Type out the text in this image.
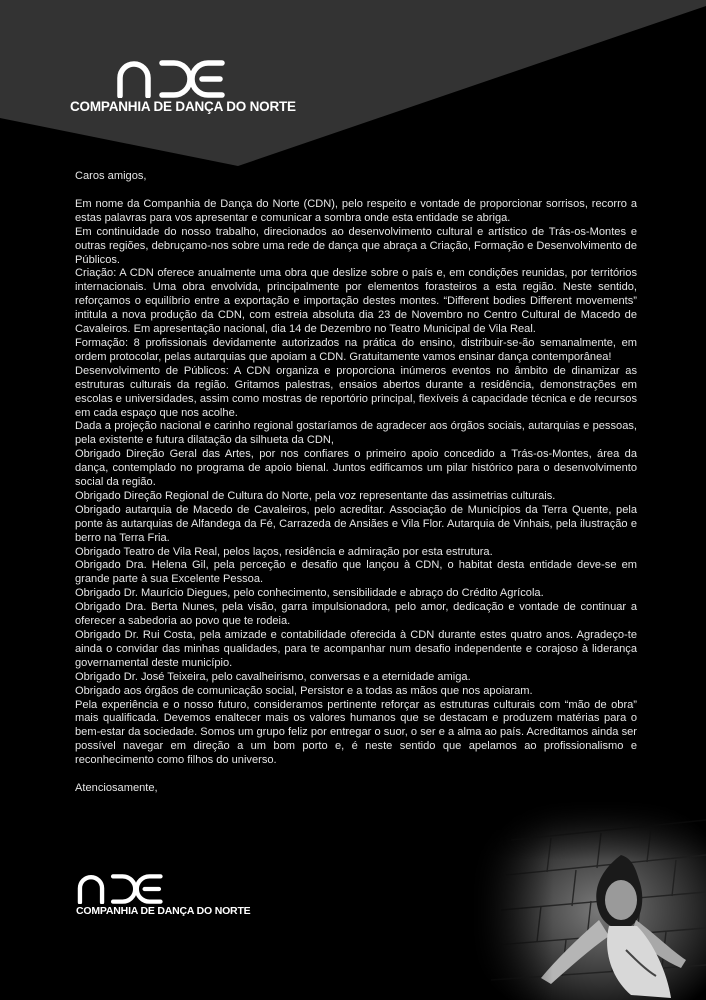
COMPANHIA DE DANÇA DO NORTE

Caros amigos,

Em nome da Companhia de Dança do Norte (CDN), pelo respeito e vontade de proporcionar sorrisos, recorro a estas palavras para vos apresentar e comunicar a sombra onde esta entidade se abriga.

Em continuidade do nosso trabalho, direcionados ao desenvolvimento cultural e artístico de Trás-os-Montes e outras regiões, debruçamo-nos sobre uma rede de dança que abraça a Criação, Formação e Desenvolvimento de Públicos.

Criação: A CDN oferece anualmente uma obra que deslize sobre o país e, em condições reunidas, por territórios internacionais. Uma obra envolvida, principalmente por elementos forasteiros a esta região. Neste sentido, reforçamos o equilíbrio entre a exportação e importação destes montes. “Different bodies Different movements” intitula a nova produção da CDN, com estreia absoluta dia 23 de Novembro no Centro Cultural de Macedo de Cavaleiros. Em apresentação nacional, dia 14 de Dezembro no Teatro Municipal de Vila Real.

Formação: 8 profissionais devidamente autorizados na prática do ensino, distribuir-se-ão semanalmente, em ordem protocolar, pelas autarquias que apoiam a CDN. Gratuitamente vamos ensinar dança contemporânea!

Desenvolvimento de Públicos: A CDN organiza e proporciona inúmeros eventos no âmbito de dinamizar as estruturas culturais da região. Gritamos palestras, ensaios abertos durante a residência, demonstrações em escolas e universidades, assim como mostras de reportório principal, flexíveis á capacidade técnica e de recursos em cada espaço que nos acolhe.

Dada a projeção nacional e carinho regional gostaríamos de agradecer aos órgãos sociais, autarquias e pessoas, pela existente e futura dilatação da silhueta da CDN,

Obrigado Direção Geral das Artes, por nos confiares o primeiro apoio concedido a Trás-os-Montes, área da dança, contemplado no programa de apoio bienal. Juntos edificamos um pilar histórico para o desenvolvimento social da região.

Obrigado Direção Regional de Cultura do Norte, pela voz representante das assimetrias culturais.

Obrigado autarquia de Macedo de Cavaleiros, pelo acreditar. Associação de Municípios da Terra Quente, pela ponte às autarquias de Alfandega da Fé, Carrazeda de Ansiães e Vila Flor. Autarquia de Vinhais, pela ilustração e berro na Terra Fria.

Obrigado Teatro de Vila Real, pelos laços, residência e admiração por esta estrutura.

Obrigado Dra. Helena Gil, pela perceção e desafio que lançou à CDN, o habitat desta entidade deve-se em grande parte à sua Excelente Pessoa.

Obrigado Dr. Maurício Diegues, pelo conhecimento, sensibilidade e abraço do Crédito Agrícola.

Obrigado Dra. Berta Nunes, pela visão, garra impulsionadora, pelo amor, dedicação e vontade de continuar a oferecer a sabedoria ao povo que te rodeia.

Obrigado Dr. Rui Costa, pela amizade e contabilidade oferecida à CDN durante estes quatro anos. Agradeço-te ainda o convidar das minhas qualidades, para te acompanhar num desafio independente e corajoso à liderança governamental deste município.

Obrigado Dr. José Teixeira, pelo cavalheirismo, conversas e a eternidade amiga.

Obrigado aos órgãos de comunicação social, Persistor e a todas as mãos que nos apoiaram.

Pela experiência e o nosso futuro, consideramos pertinente reforçar as estruturas culturais com “mão de obra” mais qualificada. Devemos enaltecer mais os valores humanos que se destacam e produzem matérias para o bem-estar da sociedade. Somos um grupo feliz por entregar o suor, o ser e a alma ao país. Acreditamos ainda ser possível navegar em direção a um bom porto e, é neste sentido que apelamos ao profissionalismo e reconhecimento como filhos do universo.

Atenciosamente,

COMPANHIA DE DANÇA DO NORTE
